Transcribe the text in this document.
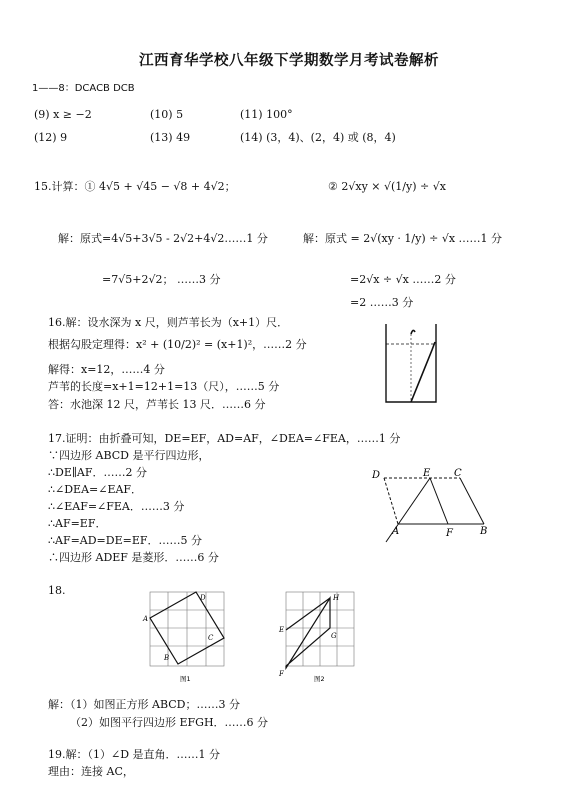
江西育华学校八年级下学期数学月考试卷解析
1——8：DCACB DCB
(9) x ≥ −2	(10) 5	(11) 100°
(12) 9	(13) 49	(14) (3，4)、(2，4) 或 (8，4)
15.计算：① 4√5 + √45 − √8 + 4√2；	② 2√xy × √(1/y) ÷ √x
解：原式=4√5+3√5 - 2√2+4√2……1 分
=7√5+2√2； ……3 分
解：原式 = 2√(xy · 1/y) ÷ √x ……1 分
=2√x ÷ √x ……2 分
=2 ……3 分
16.解：设水深为 x 尺，则芦苇长为（x+1）尺．
根据勾股定理得：x² + (10/2)² = (x+1)²，……2 分
解得：x=12，……4 分
芦苇的长度=x+1=12+1=13（尺），……5 分
答：水池深 12 尺，芦苇长 13 尺．……6 分
17.证明：由折叠可知，DE=EF，AD=AF，∠DEA=∠FEA，……1 分
∵四边形 ABCD 是平行四边形，
∴DE∥AF．……2 分
∴∠DEA=∠EAF．
∴∠EAF=∠FEA．……3 分
∴AF=EF．
∴AF=AD=DE=EF．……5 分
∴四边形 ADEF 是菱形．……6 分
D	E C
A	F	B
18.
A
D
C
B
图1
E
H
G
F
图2
解：（1）如图正方形 ABCD；……3 分
（2）如图平行四边形 EFGH．……6 分
19.解：（1）∠D 是直角．……1 分
理由：连接 AC，
